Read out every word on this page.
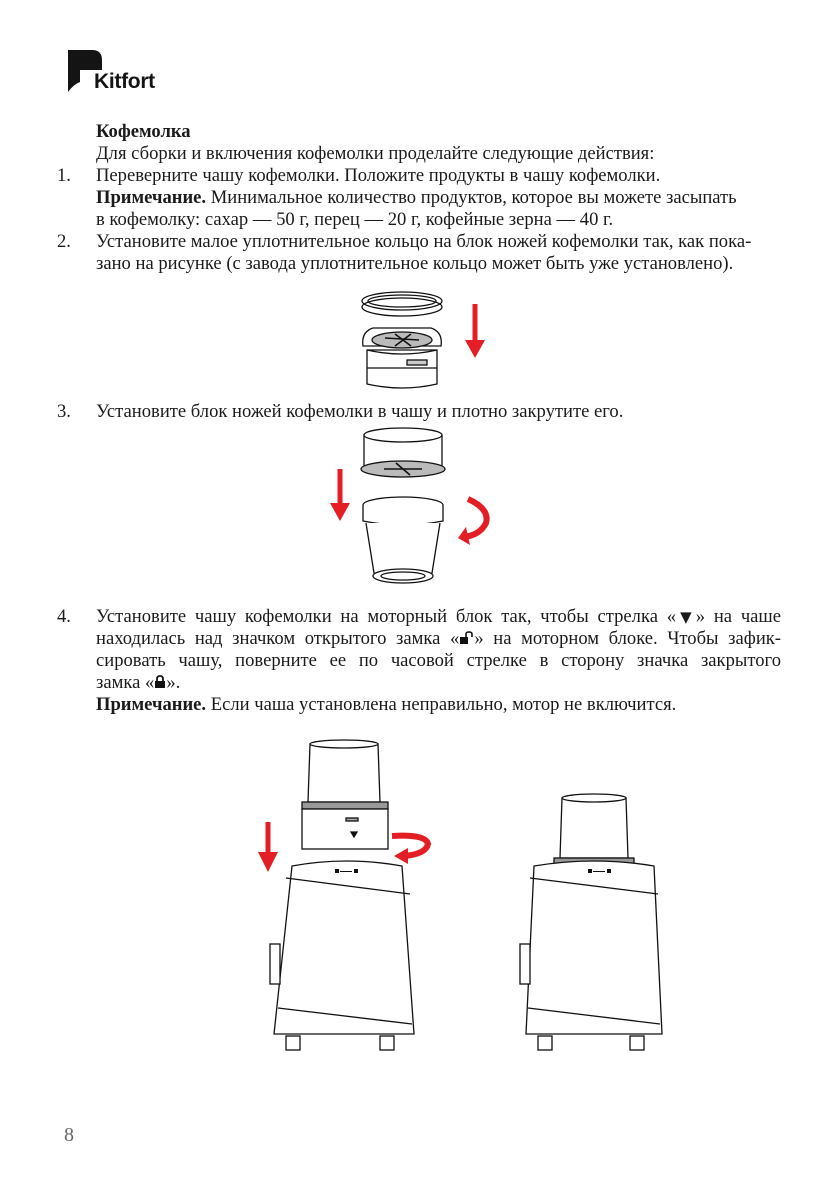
Kitfort
Кофемолка
Для сборки и включения кофемолки проделайте следующие действия:
1. Переверните чашу кофемолки. Положите продукты в чашу кофемолки.
Примечание. Минимальное количество продуктов, которое вы можете засыпать
в кофемолку: сахар — 50 г, перец — 20 г, кофейные зерна — 40 г.
2. Установите малое уплотнительное кольцо на блок ножей кофемолки так, как пока-
зано на рисунке (с завода уплотнительное кольцо может быть уже установлено).
3. Установите блок ножей кофемолки в чашу и плотно закрутите его.
4. Установите чашу кофемолки на моторный блок так, чтобы стрелка «▼» на чаше
находилась над значком открытого замка « » на моторном блоке. Чтобы зафик-
сировать чашу, поверните ее по часовой стрелке в сторону значка закрытого
замка « ».
Примечание. Если чаша установлена неправильно, мотор не включится.
8
